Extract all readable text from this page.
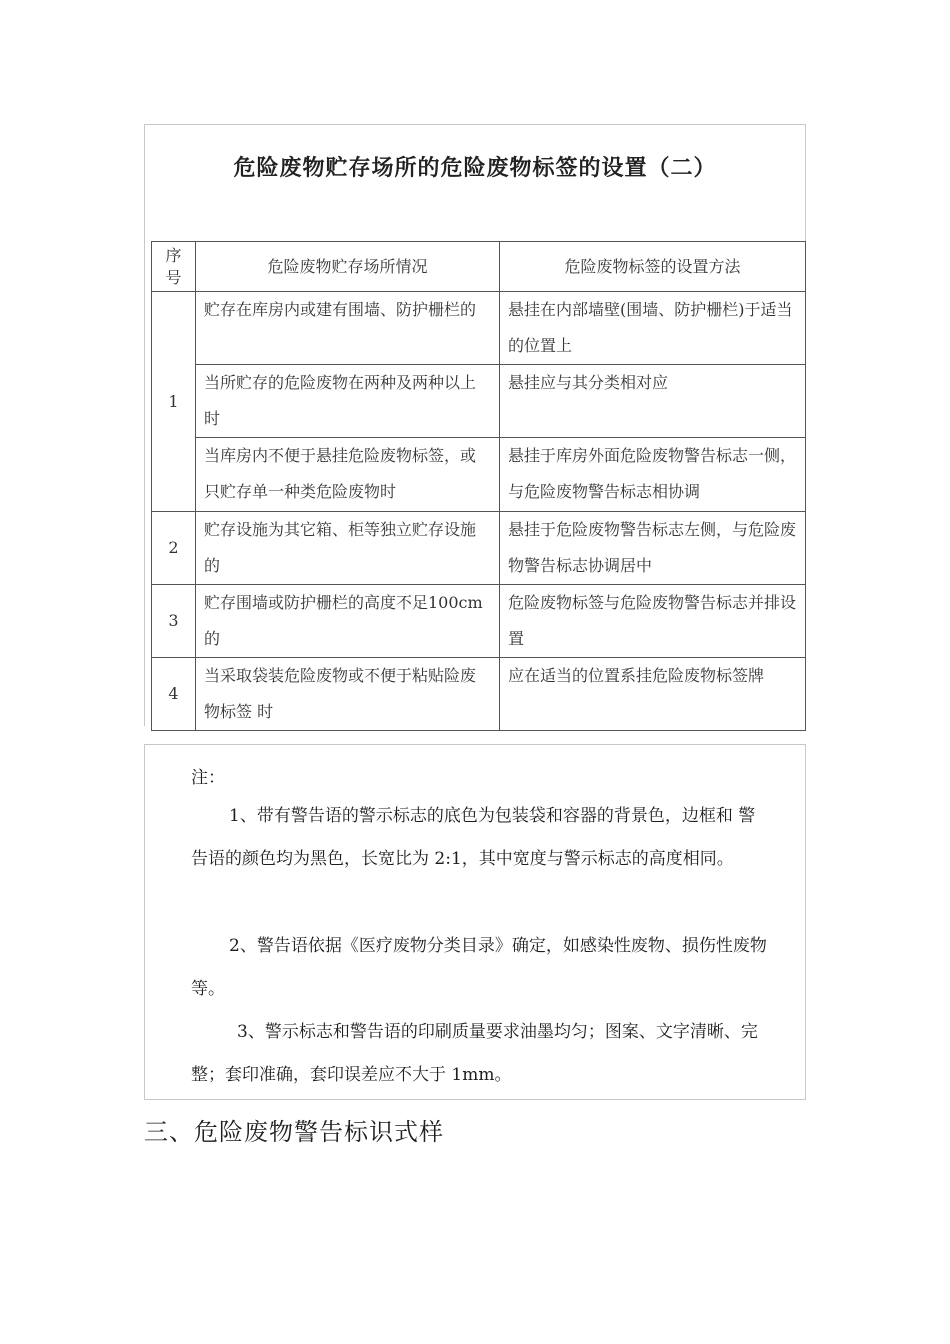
危险废物贮存场所的危险废物标签的设置（二）
序号	危险废物贮存场所情况	危险废物标签的设置方法
1	贮存在库房内或建有围墙、防护栅栏的	悬挂在内部墙壁(围墙、防护栅栏)于适当的位置上
	当所贮存的危险废物在两种及两种以上时	悬挂应与其分类相对应
	当库房内不便于悬挂危险废物标签，或只贮存单一种类危险废物时	悬挂于库房外面危险废物警告标志一侧，与危险废物警告标志相协调
2	贮存设施为其它箱、柜等独立贮存设施的	悬挂于危险废物警告标志左侧，与危险废物警告标志协调居中
3	贮存围墙或防护栅栏的高度不足100cm的	危险废物标签与危险废物警告标志并排设置
4	当采取袋装危险废物或不便于粘贴险废物标签 时	应在适当的位置系挂危险废物标签牌
注：
1、带有警告语的警示标志的底色为包装袋和容器的背景色，边框和 警告语的颜色均为黑色，长宽比为 2:1，其中宽度与警示标志的高度相同。
2、警告语依据《医疗废物分类目录》确定，如感染性废物、损伤性废物等。
3、警示标志和警告语的印刷质量要求油墨均匀；图案、文字清晰、完整；套印准确，套印误差应不大于 1mm。
三、危险废物警告标识式样
